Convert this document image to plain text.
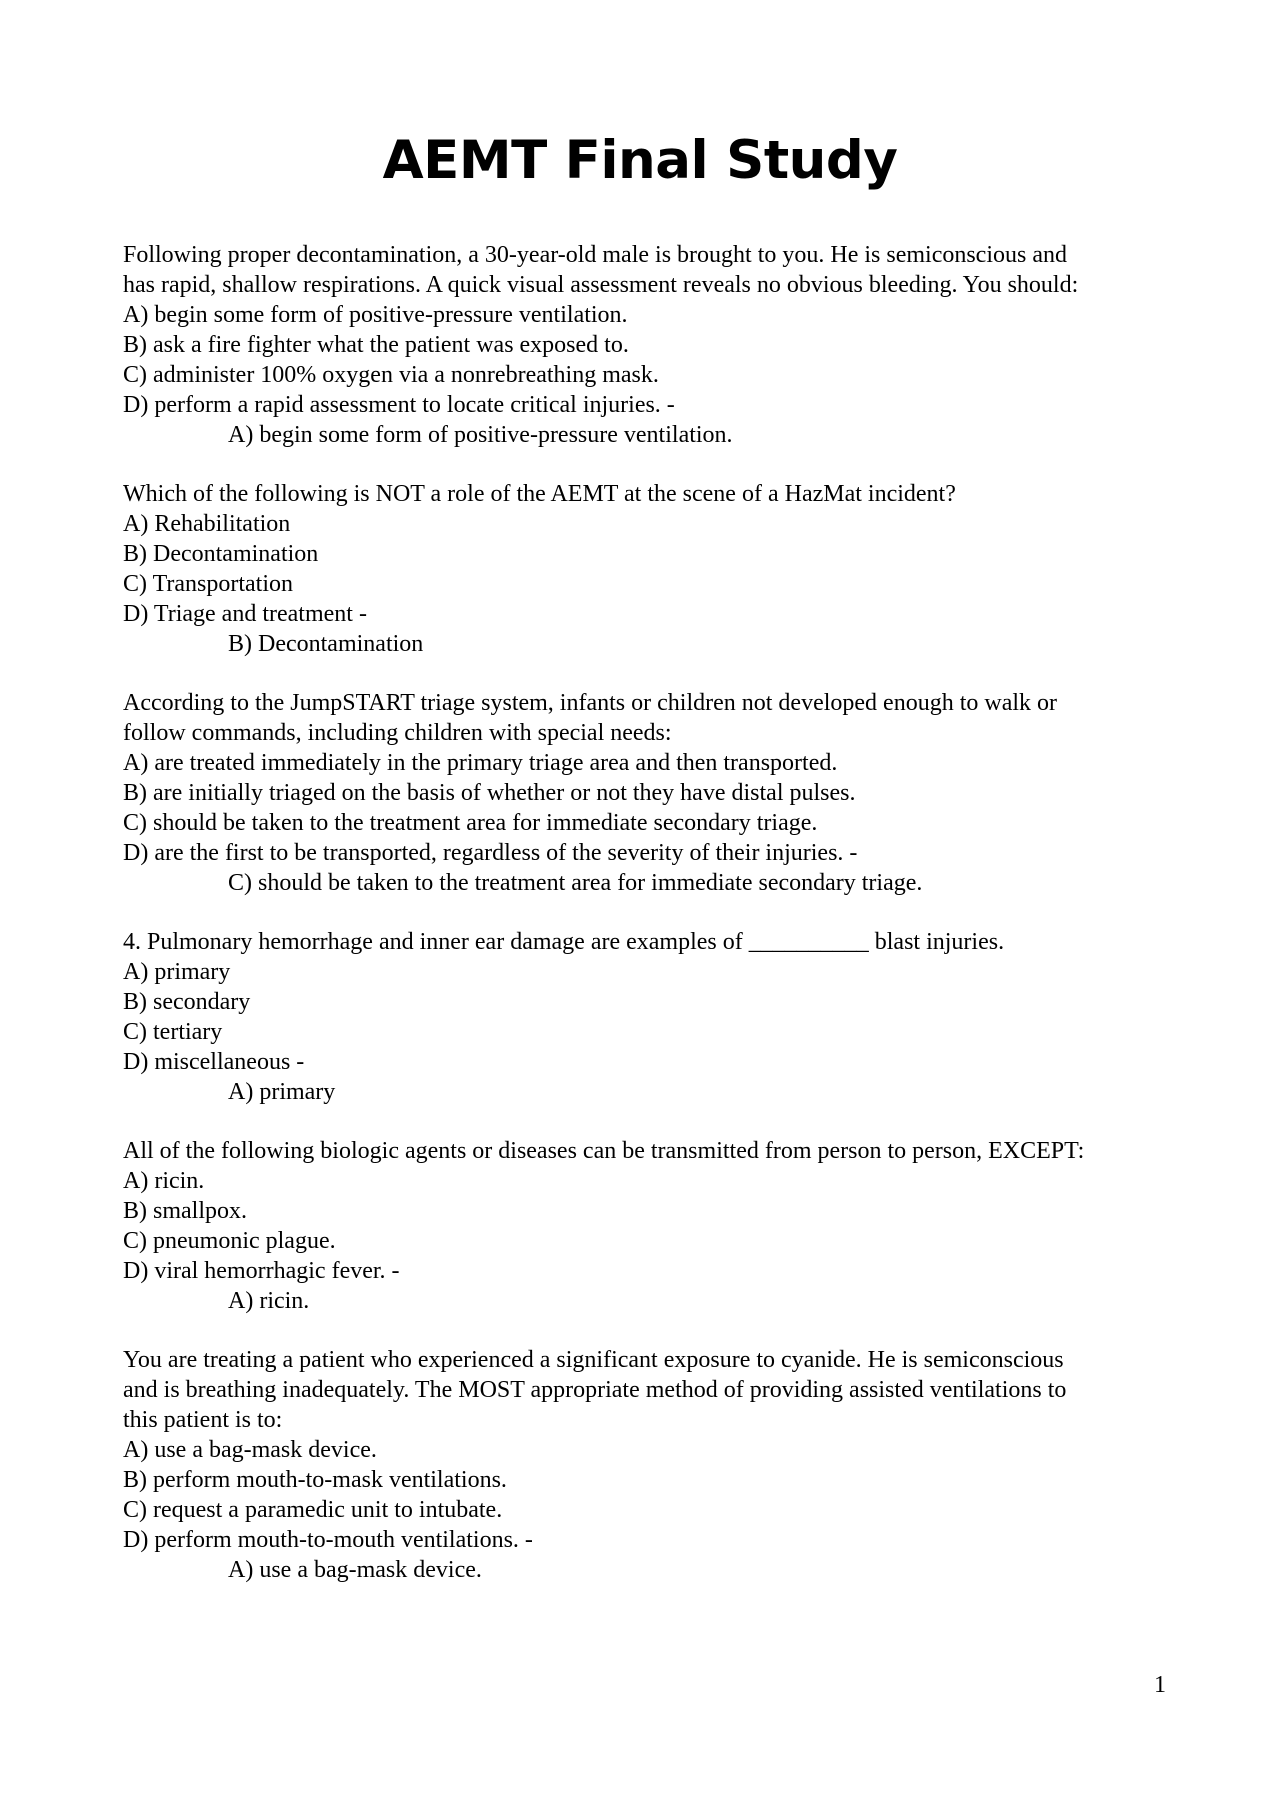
AEMT Final Study
Following proper decontamination, a 30-year-old male is brought to you. He is semiconscious and
has rapid, shallow respirations. A quick visual assessment reveals no obvious bleeding. You should:
A) begin some form of positive-pressure ventilation.
B) ask a fire fighter what the patient was exposed to.
C) administer 100% oxygen via a nonrebreathing mask.
D) perform a rapid assessment to locate critical injuries. -
A) begin some form of positive-pressure ventilation.
Which of the following is NOT a role of the AEMT at the scene of a HazMat incident?
A) Rehabilitation
B) Decontamination
C) Transportation
D) Triage and treatment -
B) Decontamination
According to the JumpSTART triage system, infants or children not developed enough to walk or
follow commands, including children with special needs:
A) are treated immediately in the primary triage area and then transported.
B) are initially triaged on the basis of whether or not they have distal pulses.
C) should be taken to the treatment area for immediate secondary triage.
D) are the first to be transported, regardless of the severity of their injuries. -
C) should be taken to the treatment area for immediate secondary triage.
4. Pulmonary hemorrhage and inner ear damage are examples of __________ blast injuries.
A) primary
B) secondary
C) tertiary
D) miscellaneous -
A) primary
All of the following biologic agents or diseases can be transmitted from person to person, EXCEPT:
A) ricin.
B) smallpox.
C) pneumonic plague.
D) viral hemorrhagic fever. -
A) ricin.
You are treating a patient who experienced a significant exposure to cyanide. He is semiconscious
and is breathing inadequately. The MOST appropriate method of providing assisted ventilations to
this patient is to:
A) use a bag-mask device.
B) perform mouth-to-mask ventilations.
C) request a paramedic unit to intubate.
D) perform mouth-to-mouth ventilations. -
A) use a bag-mask device.
1
